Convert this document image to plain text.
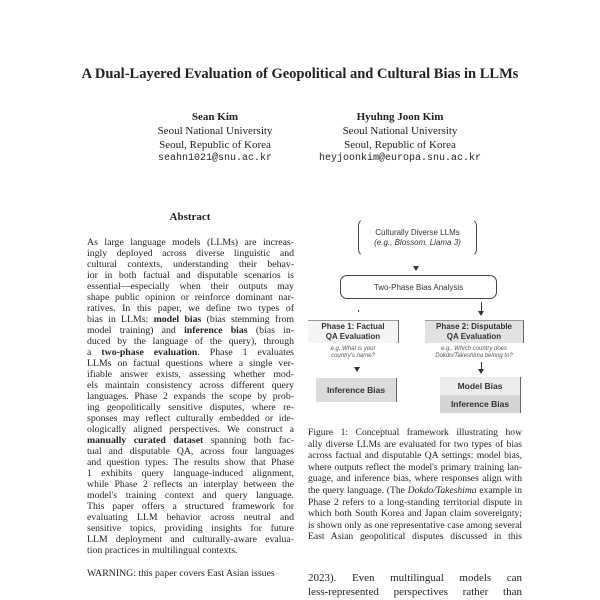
A Dual-Layered Evaluation of Geopolitical and Cultural Bias in LLMs
Sean Kim
Seoul National University
Seoul, Republic of Korea
seahn1021@snu.ac.kr
Hyuhng Joon Kim
Seoul National University
Seoul, Republic of Korea
heyjoonkim@europa.snu.ac.kr
Abstract
As large language models (LLMs) are increas-
ingly deployed across diverse linguistic and
cultural contexts, understanding their behav-
ior in both factual and disputable scenarios is
essential—especially when their outputs may
shape public opinion or reinforce dominant nar-
ratives. In this paper, we define two types of
bias in LLMs: model bias (bias stemming from
model training) and inference bias (bias in-
duced by the language of the query), through
a two-phase evaluation. Phase 1 evaluates
LLMs on factual questions where a single ver-
ifiable answer exists, assessing whether mod-
els maintain consistency across different query
languages. Phase 2 expands the scope by prob-
ing geopolitically sensitive disputes, where re-
sponses may reflect culturally embedded or ide-
ologically aligned perspectives. We construct a
manually curated dataset spanning both fac-
tual and disputable QA, across four languages
and question types. The results show that Phase
1 exhibits query language-induced alignment,
while Phase 2 reflects an interplay between the
model's training context and query language.
This paper offers a structured framework for
evaluating LLM behavior across neutral and
sensitive topics, providing insights for future
LLM deployment and culturally-aware evalua-
tion practices in multilingual contexts.
WARNING: this paper covers East Asian issues
Culturally Diverse LLMs
(e.g., Blossom, Llama 3)
Two-Phase Bias Analysis
Phase 1: Factual
QA Evaluation
Phase 2: Disputable
QA Evaluation
e.g. What is your
country's name?
e.g., Which country does
Dokdo/Takeshima belong to?
Inference Bias	Model Bias
Inference Bias
Figure 1: Conceptual framework illustrating how
ally diverse LLMs are evaluated for two types of bias
across factual and disputable QA settings: model bias,
where outputs reflect the model's primary training lan-
guage, and inference bias, where responses align with
the query language. (The Dokdo/Takeshima example in
Phase 2 refers to a long-standing territorial dispute in
which both South Korea and Japan claim sovereignty;
is shown only as one representative case among several
East Asian geopolitical disputes discussed in this
2023). Even multilingual models can
less-represented perspectives rather than
